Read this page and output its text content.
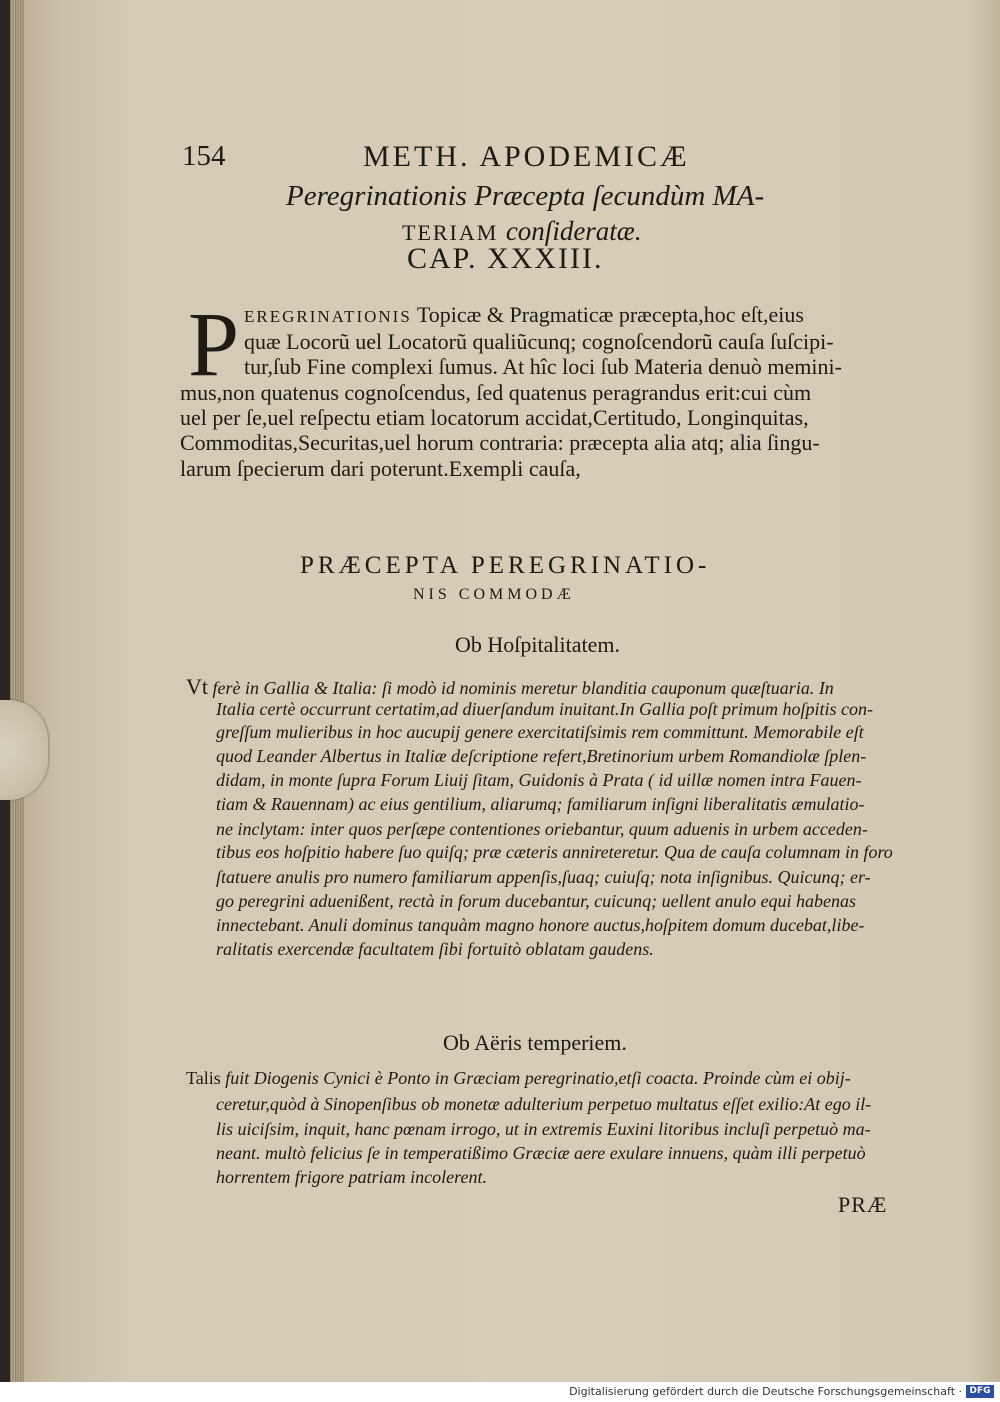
154	METH. APODEMICÆ
Peregrinationis Præcepta ſecundùm MA-
TERIAM conſideratæ.
CAP. XXXIII.
P EREGRINATIONIS Topicæ & Pragmaticæ præcepta,hoc eſt,eius
quæ Locorũ uel Locatorũ qualiũcunq; cognoſcendorũ cauſa ſuſcipi-
tur,ſub Fine complexi ſumus. At hîc loci ſub Materia denuò memini-
mus,non quatenus cognoſcendus, ſed quatenus peragrandus erit:cui cùm
uel per ſe,uel reſpectu etiam locatorum accidat,Certitudo, Longinquitas,
Commoditas,Securitas,uel horum contraria: præcepta alia atq; alia ſingu-
larum ſpecierum dari poterunt.Exempli cauſa,
PRÆCEPTA PEREGRINATIO-
NIS COMMODÆ
Ob Hoſpitalitatem.
Vt ferè in Gallia & Italia: ſi modò id nominis meretur blanditia cauponum quæſtuaria. In
Italia certè occurrunt certatim,ad diuerſandum inuitant.In Gallia poſt primum hoſpitis con-
greſſum mulieribus in hoc aucupij genere exercitatiſsimis rem committunt. Memorabile eſt
quod Leander Albertus in Italiæ deſcriptione refert,Bretinorium urbem Romandiolæ ſplen-
didam, in monte ſupra Forum Liuij ſitam, Guidonis à Prata ( id uillæ nomen intra Fauen-
tiam & Rauennam) ac eius gentilium, aliarumq; familiarum inſigni liberalitatis æmulatio-
ne inclytam: inter quos perſæpe contentiones oriebantur, quum aduenis in urbem acceden-
tibus eos hoſpitio habere ſuo quiſq; præ cæteris annireteretur. Qua de cauſa columnam in foro
ſtatuere anulis pro numero familiarum appenſis,ſuaq; cuiuſq; nota inſignibus. Quicunq; er-
go peregrini aduenißent, rectà in forum ducebantur, cuicunq; uellent anulo equi habenas
innectebant. Anuli dominus tanquàm magno honore auctus,hoſpitem domum ducebat,libe-
ralitatis exercendæ facultatem ſibi fortuitò oblatam gaudens.
Ob Aëris temperiem.
Talis fuit Diogenis Cynici è Ponto in Græciam peregrinatio,etſi coacta. Proinde cùm ei obij-
ceretur,quòd à Sinopenſibus ob monetæ adulterium perpetuo multatus eſſet exilio:At ego il-
lis uiciſsim, inquit, hanc pœnam irrogo, ut in extremis Euxini litoribus incluſi perpetuò ma-
neant. multò felicius ſe in temperatißimo Græciæ aere exulare innuens, quàm illi perpetuò
horrentem frigore patriam incolerent.
PRÆ
Digitalisierung gefördert durch die Deutsche Forschungsgemeinschaft · DFG
